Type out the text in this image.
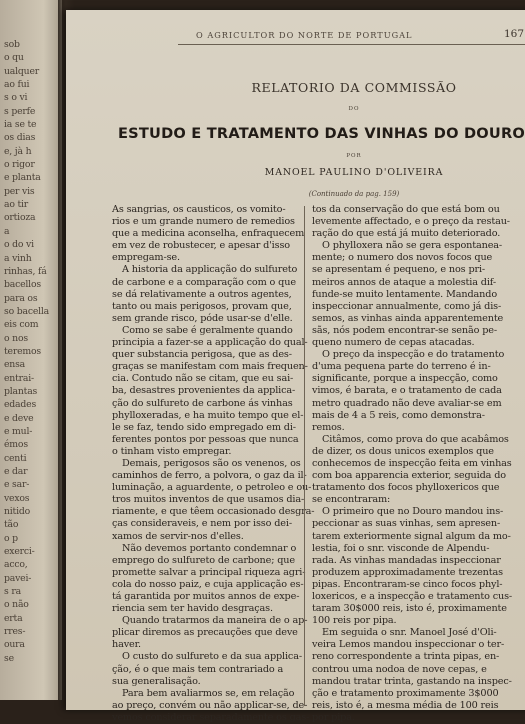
sob
o qu
ualquer
ao fui
s o vi
s perfe
ia se te
os dias
e, jà h
o rigor
e planta
per vis
ao tir
ortioza
a
o do vi
a vinh
rinhas, fá
bacellos
para os
so bacella
eis com
o nos
teremos
ensa
entrai-
plantas
edades
e deve
e mul-
émos
centi
e dar
e sar-
vexos
nitido
tão
o p
exerci-
acco,
pavei-
s ra
o não
erta
rres-
oura
se
O AGRICULTOR DO NORTE DE PORTUGAL	167
RELATORIO DA COMMISSÃO
DO
ESTUDO E TRATAMENTO DAS VINHAS DO DOURO
POR
MANOEL PAULINO D'OLIVEIRA
(Continuado da pag. 159)
As sangrias, os causticos, os vomito-
rios e um grande numero de remedios
que a medicina aconselha, enfraquecem
em vez de robustecer, e apesar d'isso
empregam-se.
A historia da applicação do sulfureto
de carbone e a comparação com o que
se dá relativamente a outros agentes,
tanto ou mais perigosos, provam que,
sem grande risco, póde usar-se d'elle.
Como se sabe é geralmente quando
principia a fazer-se a applicação do qual-
quer substancia perigosa, que as des-
graças se manifestam com mais frequen-
cia. Contudo não se citam, que eu sai-
ba, desastres provenientes da applica-
ção do sulfureto de carbone ás vinhas
phylloxeradas, e ha muito tempo que el-
le se faz, tendo sido empregado em di-
ferentes pontos por pessoas que nunca
o tinham visto empregar.
Demais, perigosos são os venenos, os
caminhos de ferro, a polvora, o gaz da il-
luminação, a aguardente, o petroleo e ou-
tros muitos inventos de que usamos dia-
riamente, e que têem occasionado desgra-
ças consideraveis, e nem por isso dei-
xamos de servir-nos d'elles.
Não devemos portanto condemnar o
emprego do sulfureto de carbone; que
promette salvar a principal riqueza agri-
cola do nosso paiz, e cuja applicação es-
tá garantida por muitos annos de expe-
riencia sem ter havido desgraças.
Quando tratarmos da maneira de o ap-
plicar diremos as precauções que deve
haver.
O custo do sulfureto e da sua applica-
ção, é o que mais tem contrariado a
sua generalisação.
Para bem avaliarmos se, em relação
ao preço, convém ou não applicar-se, de-
vemos considerar separadamente os gas-
tos da conservação do que está bom ou
levemente affectado, e o preço da restau-
ração do que está já muito deteriorado.
O phylloxera não se gera espontanea-
mente; o numero dos novos focos que
se apresentam é pequeno, e nos pri-
meiros annos de ataque a molestia dif-
funde-se muito lentamente. Mandando
inspeccionar annualmente, como já dis-
semos, as vinhas ainda apparentemente
sãs, nós podem encontrar-se senão pe-
queno numero de cepas atacadas.
O preço da inspecção e do tratamento
d'uma pequena parte do terreno é in-
significante, porque a inspecção, como
vimos, é barata, e o tratamento de cada
metro quadrado não deve avaliar-se em
mais de 4 a 5 reis, como demonstra-
remos.
Citâmos, como prova do que acabâmos
de dizer, os dous unicos exemplos que
conhecemos de inspecção feita em vinhas
com boa apparencia exterior, seguida do
tratamento dos focos phylloxericos que
se encontraram:
O primeiro que no Douro mandou ins-
peccionar as suas vinhas, sem apresen-
tarem exteriormente signal algum da mo-
lestia, foi o snr. visconde de Alpendu-
rada. As vinhas mandadas inspeccionar
produzem approximadamente trezentas
pipas. Encontraram-se cinco focos phyl-
loxericos, e a inspecção e tratamento cus-
taram 30$000 reis, isto é, proximamente
100 reis por pipa.
Em seguida o snr. Manoel José d'Oli-
veira Lemos mandou inspeccionar o ter-
reno correspondente a trinta pipas, en-
controu uma nodoa de nove cepas, e
mandou tratar trinta, gastando na inspec-
ção e tratamento proximamente 3$000
reis, isto é, a mesma média de 100 reis
por pipa.
